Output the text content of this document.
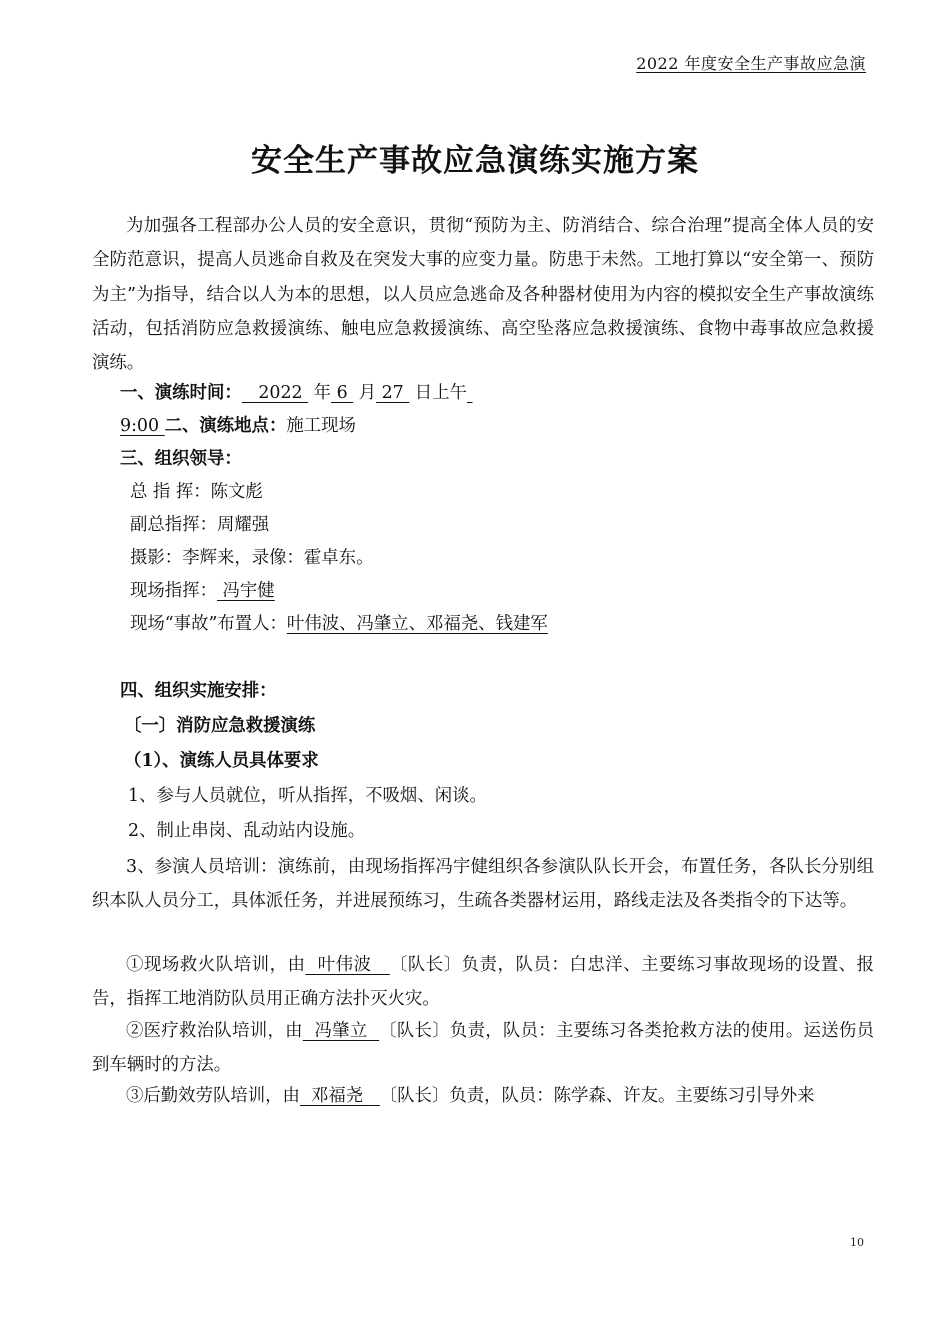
2022 年度安全生产事故应急演
安全生产事故应急演练实施方案

为加强各工程部办公人员的安全意识，贯彻“预防为主、防消结合、综合治理”提高全体人员的安全防范意识，提高人员逃命自救及在突发大事的应变力量。防患于未然。工地打算以“安全第一、预防为主”为指导，结合以人为本的思想，以人员应急逃命及各种器材使用为内容的模拟安全生产事故演练活动，包括消防应急救援演练、触电应急救援演练、高空坠落应急救援演练、食物中毒事故应急救援演练。

一、演练时间：   2022  年 6  月 27  日上午
9:00 二、演练地点：施工现场
三、组织领导：
总 指 挥：陈文彪
副总指挥：周耀强
摄影：李辉来，录像：霍卓东。
现场指挥： 冯宇健
现场“事故”布置人：叶伟波、冯肇立、邓福尧、钱建军
四、组织实施安排：
〔一〕消防应急救援演练
（1）、演练人员具体要求
1、参与人员就位，听从指挥，不吸烟、闲谈。
2、制止串岗、乱动站内设施。

3、参演人员培训：演练前，由现场指挥冯宇健组织各参演队队长开会，布置任务，各队长分别组织本队人员分工，具体派任务，并进展预练习，生疏各类器材运用，路线走法及各类指令的下达等。

①现场救火队培训，由  叶伟波   〔队长〕负责，队员：白忠洋、主要练习事故现场的设置、报告，指挥工地消防队员用正确方法扑灭火灾。

②医疗救治队培训，由  冯肇立  〔队长〕负责，队员：主要练习各类抢救方法的使用。运送伤员到车辆时的方法。

③后勤效劳队培训，由  邓福尧   〔队长〕负责，队员：陈学森、许友。主要练习引导外来
10
